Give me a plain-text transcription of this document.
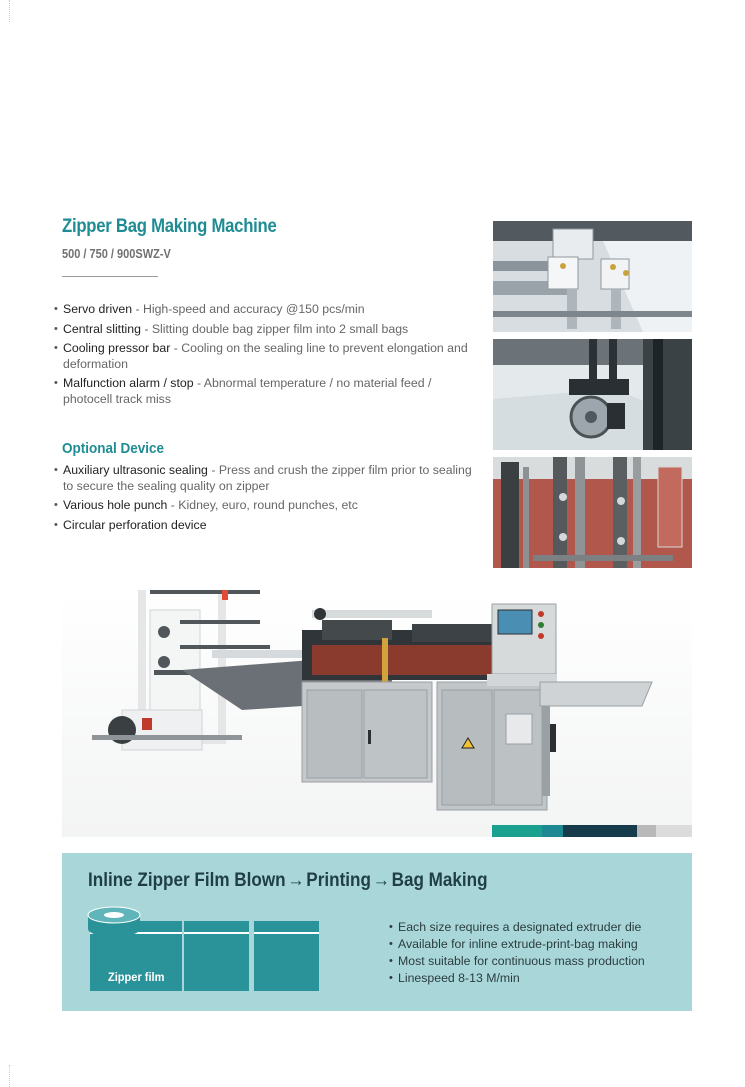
Zipper Bag Making Machine
500 / 750 / 900SWZ-V
• Servo driven - High-speed and accuracy @150 pcs/min
• Central slitting - Slitting double bag zipper film into 2 small bags
• Cooling pressor bar - Cooling on the sealing line to prevent elongation and deformation
• Malfunction alarm / stop - Abnormal temperature / no material feed / photocell track miss
Optional Device
• Auxiliary ultrasonic sealing - Press and crush the zipper film prior to sealing to secure the sealing quality on zipper
• Various hole punch - Kidney, euro, round punches, etc
• Circular perforation device
Inline Zipper Film Blown→Printing→Bag Making
Zipper film
• Each size requires a designated extruder die
• Available for inline extrude-print-bag making
• Most suitable for continuous mass production
• Linespeed 8-13 M/min
